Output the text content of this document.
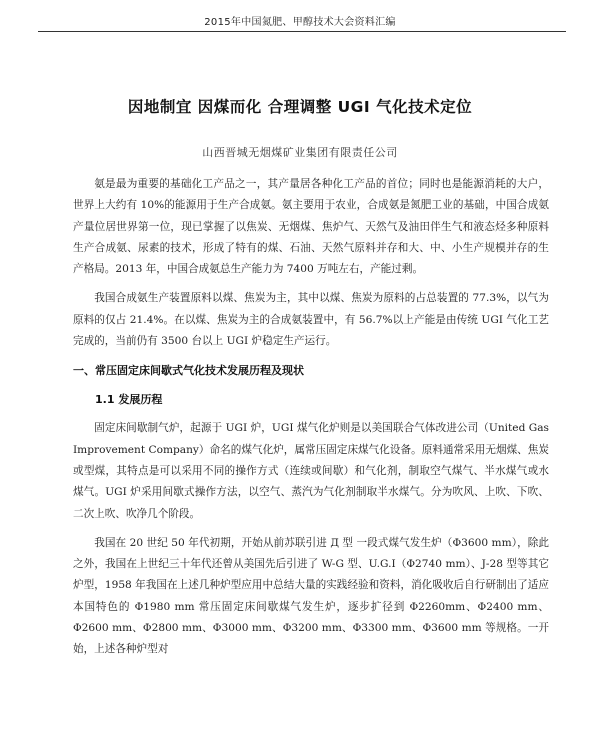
2015年中国氮肥、甲醇技术大会资料汇编
因地制宜 因煤而化 合理调整 UGI 气化技术定位
山西晋城无烟煤矿业集团有限责任公司

氨是最为重要的基础化工产品之一，其产量居各种化工产品的首位；同时也是能源消耗的大户，世界上大约有 10%的能源用于生产合成氨。氨主要用于农业，合成氨是氮肥工业的基础，中国合成氨产量位居世界第一位，现已掌握了以焦炭、无烟煤、焦炉气、天然气及油田伴生气和液态烃多种原料生产合成氨、尿素的技术，形成了特有的煤、石油、天然气原料并存和大、中、小生产规模并存的生产格局。2013 年，中国合成氨总生产能力为 7400 万吨左右，产能过剩。

我国合成氨生产装置原料以煤、焦炭为主，其中以煤、焦炭为原料的占总装置的 77.3%，以气为原料的仅占 21.4%。在以煤、焦炭为主的合成氨装置中，有 56.7%以上产能是由传统 UGI 气化工艺完成的，当前仍有 3500 台以上 UGI 炉稳定生产运行。

一、常压固定床间歇式气化技术发展历程及现状
1.1 发展历程

固定床间歇制气炉，起源于 UGI 炉，UGI 煤气化炉则是以美国联合气体改进公司（United Gas Improvement Company）命名的煤气化炉，属常压固定床煤气化设备。原料通常采用无烟煤、焦炭或型煤，其特点是可以采用不同的操作方式（连续或间歇）和气化剂，制取空气煤气、半水煤气或水煤气。UGI 炉采用间歇式操作方法，以空气、蒸汽为气化剂制取半水煤气。分为吹风、上吹、下吹、二次上吹、吹净几个阶段。

我国在 20 世纪 50 年代初期，开始从前苏联引进 Д 型 一段式煤气发生炉（Φ3600 mm），除此之外，我国在上世纪三十年代还曾从美国先后引进了 W-G 型、U.G.I（Φ2740 mm）、J-28 型等其它炉型，1958 年我国在上述几种炉型应用中总结大量的实践经验和资料，消化吸收后自行研制出了适应本国特色的 Φ1980 mm 常压固定床间歇煤气发生炉，逐步扩径到 Φ2260mm、Φ2400 mm、Φ2600 mm、Φ2800 mm、Φ3000 mm、Φ3200 mm、Φ3300 mm、Φ3600 mm 等规格。一开始，上述各种炉型对
